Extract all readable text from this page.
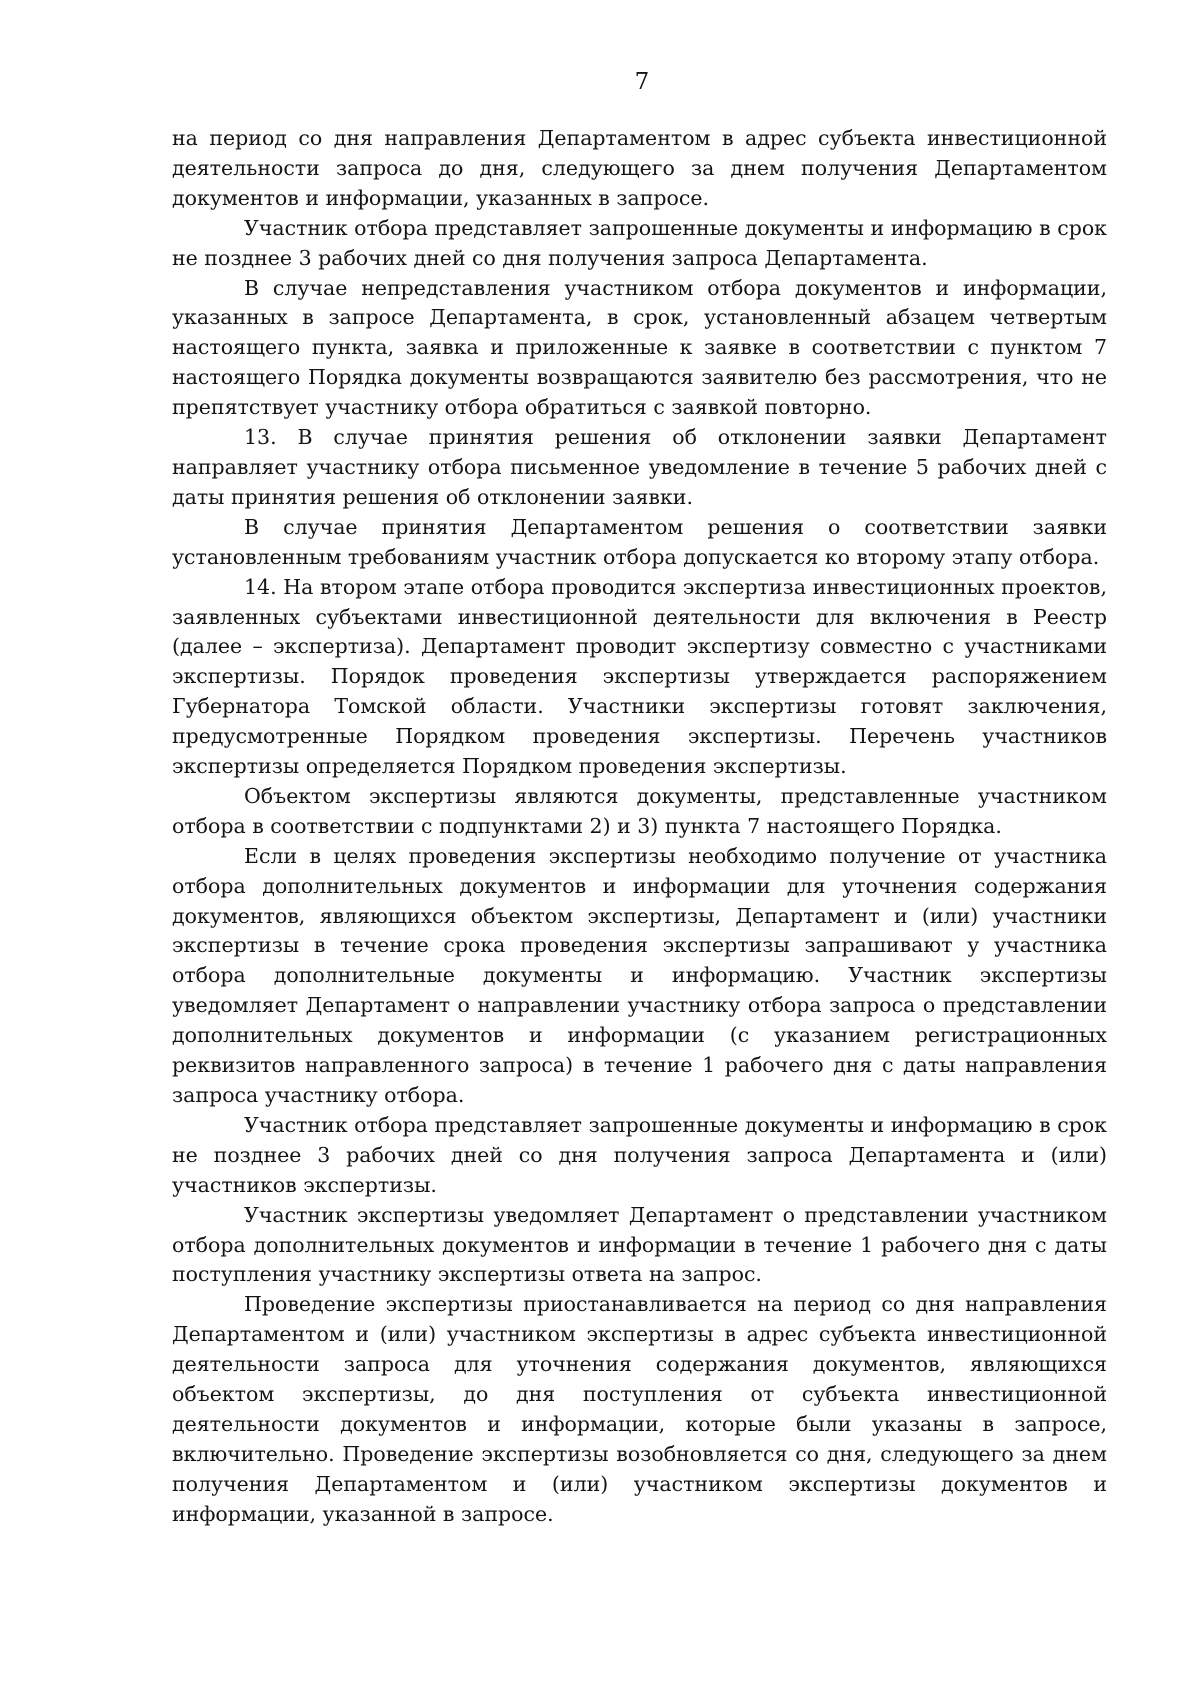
7

на период со дня направления Департаментом в адрес субъекта инвестиционной деятельности запроса до дня, следующего за днем получения Департаментом документов и информации, указанных в запросе.

Участник отбора представляет запрошенные документы и информацию в срок не позднее 3 рабочих дней со дня получения запроса Департамента.

В случае непредставления участником отбора документов и информации, указанных в запросе Департамента, в срок, установленный абзацем четвертым настоящего пункта, заявка и приложенные к заявке в соответствии с пунктом 7 настоящего Порядка документы возвращаются заявителю без рассмотрения, что не препятствует участнику отбора обратиться с заявкой повторно.

13. В случае принятия решения об отклонении заявки Департамент направляет участнику отбора письменное уведомление в течение 5 рабочих дней с даты принятия решения об отклонении заявки.

В случае принятия Департаментом решения о соответствии заявки установленным требованиям участник отбора допускается ко второму этапу отбора.

14. На втором этапе отбора проводится экспертиза инвестиционных проектов, заявленных субъектами инвестиционной деятельности для включения в Реестр (далее – экспертиза). Департамент проводит экспертизу совместно с участниками экспертизы. Порядок проведения экспертизы утверждается распоряжением Губернатора Томской области. Участники экспертизы готовят заключения, предусмотренные Порядком проведения экспертизы. Перечень участников экспертизы определяется Порядком проведения экспертизы.

Объектом экспертизы являются документы, представленные участником отбора в соответствии с подпунктами 2) и 3) пункта 7 настоящего Порядка.

Если в целях проведения экспертизы необходимо получение от участника отбора дополнительных документов и информации для уточнения содержания документов, являющихся объектом экспертизы, Департамент и (или) участники экспертизы в течение срока проведения экспертизы запрашивают у участника отбора дополнительные документы и информацию. Участник экспертизы уведомляет Департамент о направлении участнику отбора запроса о представлении дополнительных документов и информации (с указанием регистрационных реквизитов направленного запроса) в течение 1 рабочего дня с даты направления запроса участнику отбора.

Участник отбора представляет запрошенные документы и информацию в срок не позднее 3 рабочих дней со дня получения запроса Департамента и (или) участников экспертизы.

Участник экспертизы уведомляет Департамент о представлении участником отбора дополнительных документов и информации в течение 1 рабочего дня с даты поступления участнику экспертизы ответа на запрос.

Проведение экспертизы приостанавливается на период со дня направления Департаментом и (или) участником экспертизы в адрес субъекта инвестиционной деятельности запроса для уточнения содержания документов, являющихся объектом экспертизы, до дня поступления от субъекта инвестиционной деятельности документов и информации, которые были указаны в запросе, включительно. Проведение экспертизы возобновляется со дня, следующего за днем получения Департаментом и (или) участником экспертизы документов и информации, указанной в запросе.
